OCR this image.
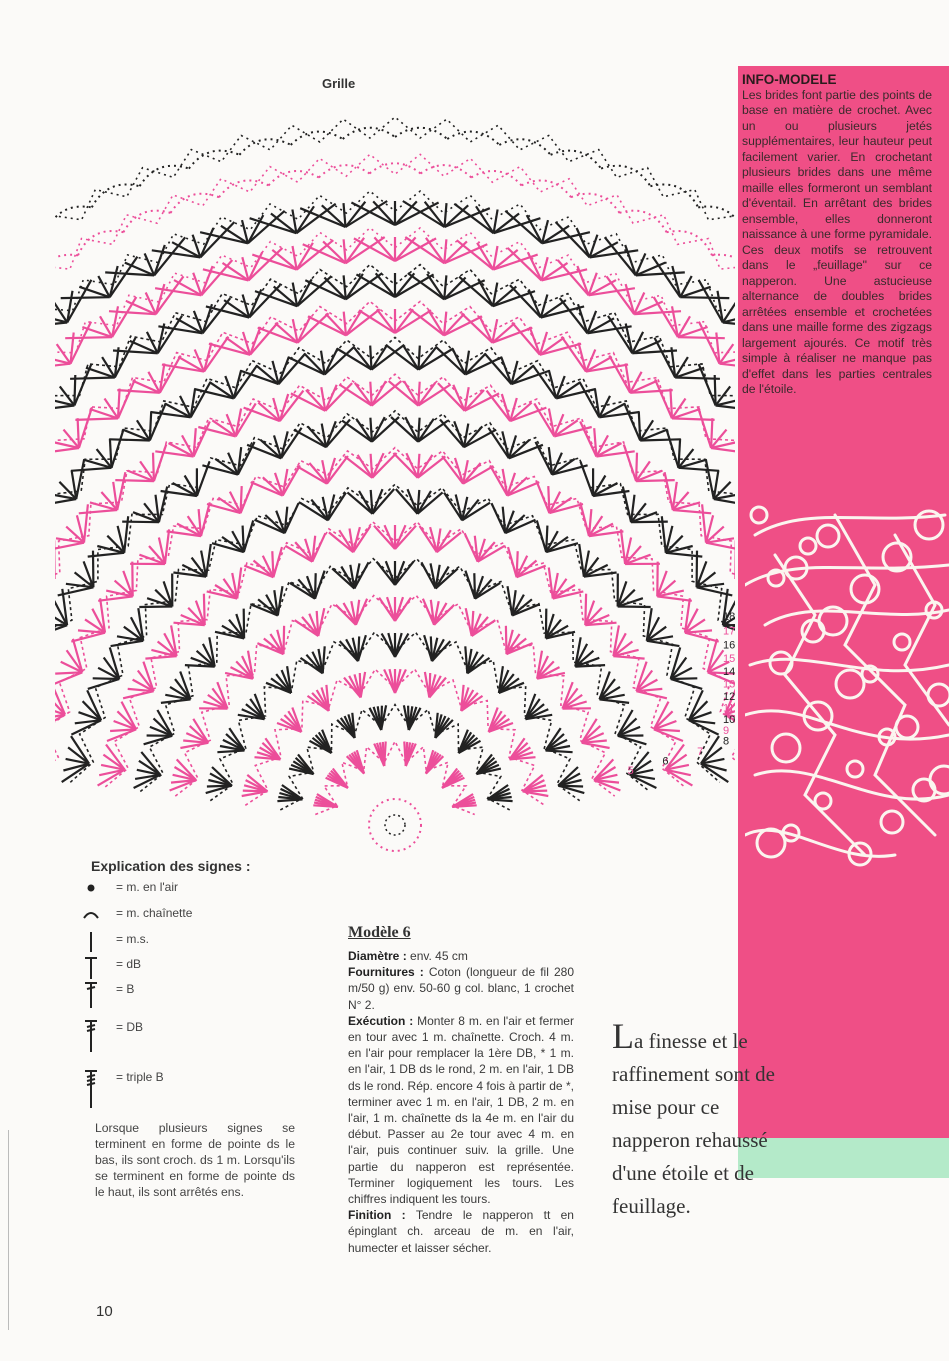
Grille
18
17
16
15
14
13
12
11
10
9
8
7
6
5
INFO-MODELE
Les brides font partie des points de base en matière de crochet. Avec un ou plusieurs jetés supplémentaires, leur hauteur peut facilement varier. En crochetant plusieurs brides dans une même maille elles formeront un semblant d'éventail. En arrêtant des brides ensemble, elles donneront naissance à une forme pyramidale. Ces deux motifs se retrouvent dans le „feuillage" sur ce napperon. Une astucieuse alternance de doubles brides arrêtées ensemble et crochetées dans une maille forme des zigzags largement ajourés. Ce motif très simple à réaliser ne manque pas d'effet dans les parties centrales de l'étoile.
La finesse et le raffinement sont de mise pour ce napperon rehaussé d'une étoile et de feuillage.
Explication des signes :
= m. en l'air
= m. chaînette
= m.s.
= dB
= B
= DB
= triple B
Lorsque plusieurs signes se terminent en forme de pointe ds le bas, ils sont croch. ds 1 m. Lorsqu'ils se terminent en forme de pointe ds le haut, ils sont arrêtés ens.
Modèle 6
Diamètre : env. 45 cm
Fournitures : Coton (longueur de fil 280 m/50 g) env. 50-60 g col. blanc, 1 crochet N° 2.
Exécution : Monter 8 m. en l'air et fermer en tour avec 1 m. chaînette. Croch. 4 m. en l'air pour remplacer la 1ère DB, * 1 m. en l'air, 1 DB ds le rond, 2 m. en l'air, 1 DB ds le rond. Rép. encore 4 fois à partir de *, terminer avec 1 m. en l'air, 1 DB, 2 m. en l'air, 1 m. chaînette ds la 4e m. en l'air du début. Passer au 2e tour avec 4 m. en l'air, puis continuer suiv. la grille. Une partie du napperon est représentée. Terminer logiquement les tours. Les chiffres indiquent les tours.
Finition : Tendre le napperon tt en épinglant ch. arceau de m. en l'air, humecter et laisser sécher.
10
